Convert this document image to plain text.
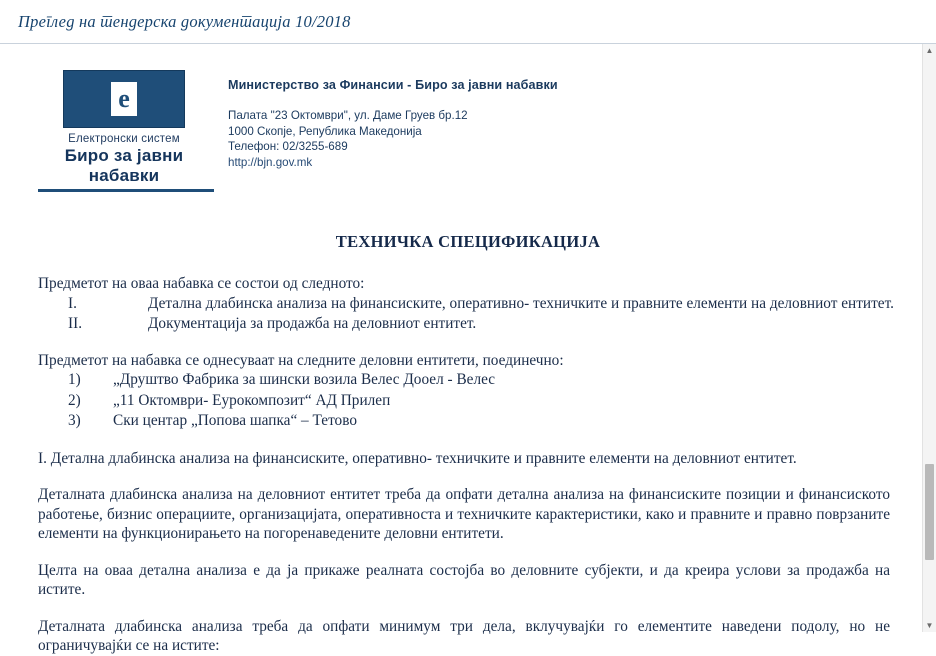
Преглед на тендерска документација 10/2018
е
Електронски систем
Биро за јавни набавки
Министерство за Финансии - Биро за јавни набавки
Палата "23 Октомври", ул. Даме Груев бр.12
1000 Скопје, Република Македонија
Телефон: 02/3255-689
http://bjn.gov.mk
ТЕХНИЧКА СПЕЦИФИКАЦИЈА
Предметот на оваа набавка се состои од следното:
I.	Детална длабинска анализа на финансиските, оперативно- техничките и правните елементи на деловниот ентитет.
II.	Документација за продажба на деловниот ентитет.
Предметот на набавка се однесуваат на следните деловни ентитети, поединечно:
1)	„Друштво Фабрика за шински возила Велес Дооел - Велес
2)	„11 Октомври- Еурокомпозит“ АД Прилеп
3)	Ски центар „Попова шапка“ – Тетово
I. Детална длабинска анализа на финансиските, оперативно- техничките и правните елементи на деловниот ентитет.
Деталната длабинска анализа на деловниот ентитет треба да опфати детална анализа на финансиските позиции и финансиското работење, бизнис операциите, организацијата, оперативноста и техничките карактеристики, како и правните и правно поврзаните елементи на функционирањето на погоренаведените деловни ентитети.
Целта на оваа детална анализа е да ја прикаже реалната состојба во деловните субјекти, и да креира услови за продажба на истите.
Деталната длабинска анализа треба да опфати минимум три дела, вклучувајќи го елементите наведени подолу, но не ограничувајќи се на истите:
▲
▼
